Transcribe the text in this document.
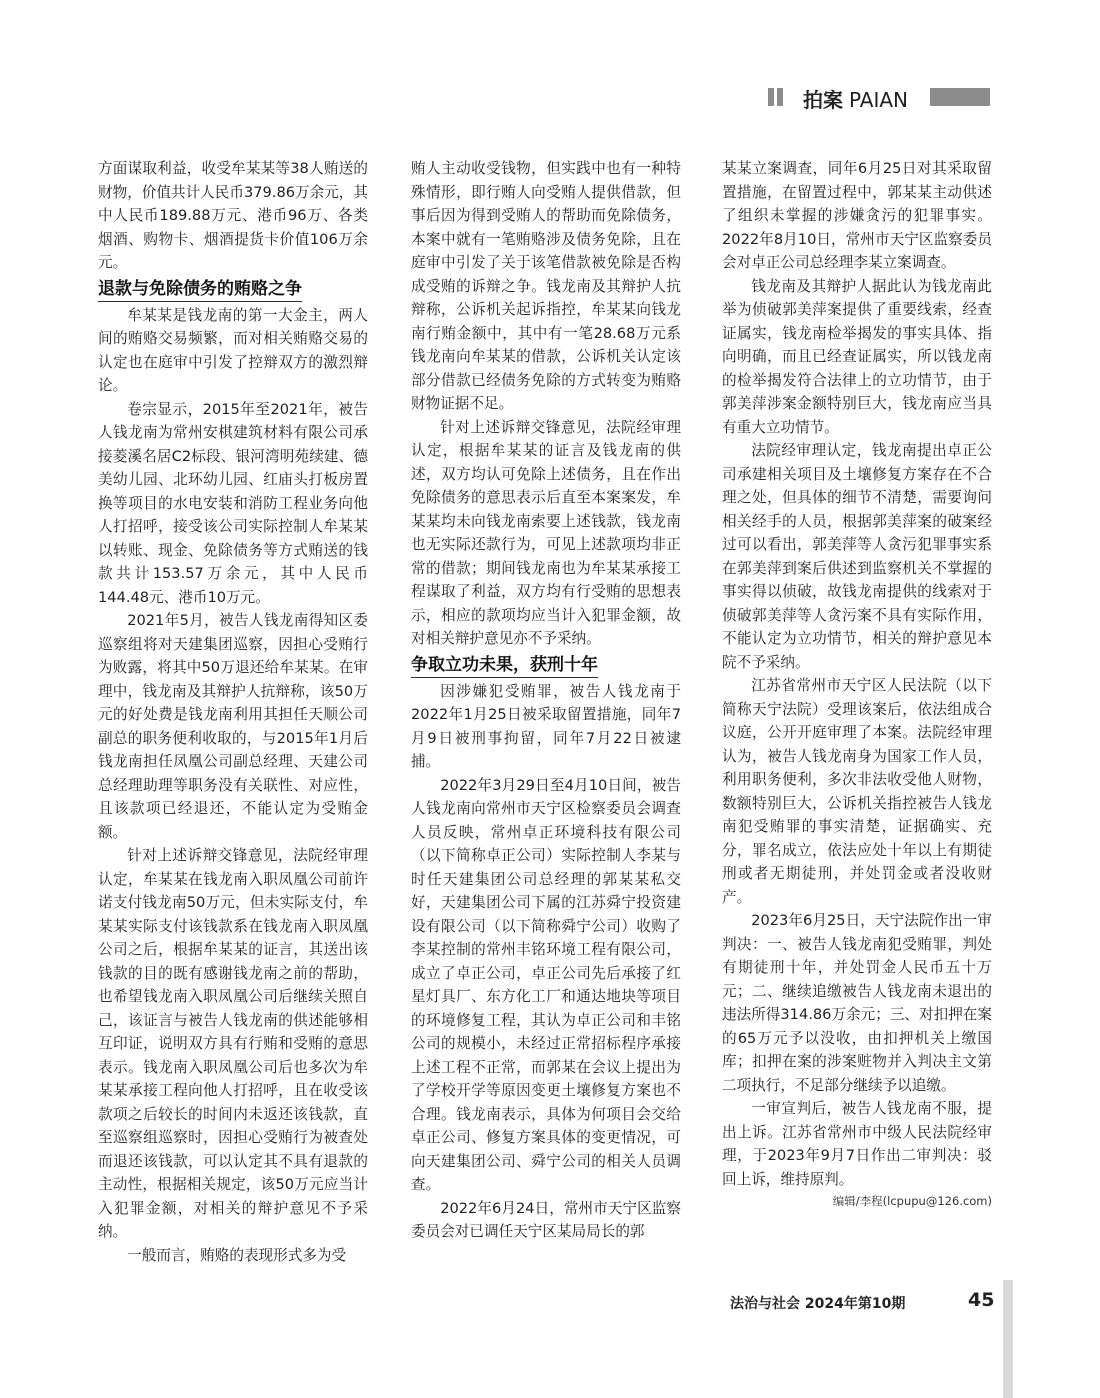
拍案 PAIAN

方面谋取利益，收受牟某某等38人贿送的财物，价值共计人民币379.86万余元，其中人民币189.88万元、港币96万、各类烟酒、购物卡、烟酒提货卡价值106万余元。

退款与免除债务的贿赂之争

牟某某是钱龙南的第一大金主，两人间的贿赂交易频繁，而对相关贿赂交易的认定也在庭审中引发了控辩双方的激烈辩论。

卷宗显示，2015年至2021年，被告人钱龙南为常州安棋建筑材料有限公司承接菱溪名居C2标段、银河湾明苑续建、德美幼儿园、北环幼儿园、红庙头打板房置换等项目的水电安装和消防工程业务向他人打招呼，接受该公司实际控制人牟某某以转账、现金、免除债务等方式贿送的钱款共计153.57万余元，其中人民币144.48元、港币10万元。

2021年5月，被告人钱龙南得知区委巡察组将对天建集团巡察，因担心受贿行为败露，将其中50万退还给牟某某。在审理中，钱龙南及其辩护人抗辩称，该50万元的好处费是钱龙南利用其担任天顺公司副总的职务便利收取的，与2015年1月后钱龙南担任凤凰公司副总经理、天建公司总经理助理等职务没有关联性、对应性，且该款项已经退还，不能认定为受贿金额。

针对上述诉辩交锋意见，法院经审理认定，牟某某在钱龙南入职凤凰公司前许诺支付钱龙南50万元，但未实际支付，牟某某实际支付该钱款系在钱龙南入职凤凰公司之后，根据牟某某的证言，其送出该钱款的目的既有感谢钱龙南之前的帮助，也希望钱龙南入职凤凰公司后继续关照自己，该证言与被告人钱龙南的供述能够相互印证，说明双方具有行贿和受贿的意思表示。钱龙南入职凤凰公司后也多次为牟某某承接工程向他人打招呼，且在收受该款项之后较长的时间内未返还该钱款，直至巡察组巡察时，因担心受贿行为被查处而退还该钱款，可以认定其不具有退款的主动性，根据相关规定，该50万元应当计入犯罪金额，对相关的辩护意见不予采纳。

一般而言，贿赂的表现形式多为受

贿人主动收受钱物，但实践中也有一种特殊情形，即行贿人向受贿人提供借款，但事后因为得到受贿人的帮助而免除债务，本案中就有一笔贿赂涉及债务免除，且在庭审中引发了关于该笔借款被免除是否构成受贿的诉辩之争。钱龙南及其辩护人抗辩称，公诉机关起诉指控，牟某某向钱龙南行贿金额中，其中有一笔28.68万元系钱龙南向牟某某的借款，公诉机关认定该部分借款已经债务免除的方式转变为贿赂财物证据不足。

针对上述诉辩交锋意见，法院经审理认定，根据牟某某的证言及钱龙南的供述，双方均认可免除上述债务，且在作出免除债务的意思表示后直至本案案发，牟某某均未向钱龙南索要上述钱款，钱龙南也无实际还款行为，可见上述款项均非正常的借款；期间钱龙南也为牟某某承接工程谋取了利益，双方均有行受贿的思想表示，相应的款项均应当计入犯罪金额，故对相关辩护意见亦不予采纳。

争取立功未果，获刑十年

因涉嫌犯受贿罪，被告人钱龙南于2022年1月25日被采取留置措施，同年7月9日被刑事拘留，同年7月22日被逮捕。

2022年3月29日至4月10日间，被告人钱龙南向常州市天宁区检察委员会调查人员反映，常州卓正环境科技有限公司（以下简称卓正公司）实际控制人李某与时任天建集团公司总经理的郭某某私交好，天建集团公司下属的江苏舜宁投资建设有限公司（以下简称舜宁公司）收购了李某控制的常州丰铭环境工程有限公司，成立了卓正公司，卓正公司先后承接了红星灯具厂、东方化工厂和通达地块等项目的环境修复工程，其认为卓正公司和丰铭公司的规模小，未经过正常招标程序承接上述工程不正常，而郭某在会议上提出为了学校开学等原因变更土壤修复方案也不合理。钱龙南表示，具体为何项目会交给卓正公司、修复方案具体的变更情况，可向天建集团公司、舜宁公司的相关人员调查。

2022年6月24日，常州市天宁区监察委员会对已调任天宁区某局局长的郭

某某立案调查，同年6月25日对其采取留置措施，在留置过程中，郭某某主动供述了组织未掌握的涉嫌贪污的犯罪事实。2022年8月10日，常州市天宁区监察委员会对卓正公司总经理李某立案调查。

钱龙南及其辩护人据此认为钱龙南此举为侦破郭美萍案提供了重要线索，经查证属实，钱龙南检举揭发的事实具体、指向明确，而且已经查证属实，所以钱龙南的检举揭发符合法律上的立功情节，由于郭美萍涉案金额特别巨大，钱龙南应当具有重大立功情节。

法院经审理认定，钱龙南提出卓正公司承建相关项目及土壤修复方案存在不合理之处，但具体的细节不清楚，需要询问相关经手的人员，根据郭美萍案的破案经过可以看出，郭美萍等人贪污犯罪事实系在郭美萍到案后供述到监察机关不掌握的事实得以侦破，故钱龙南提供的线索对于侦破郭美萍等人贪污案不具有实际作用，不能认定为立功情节，相关的辩护意见本院不予采纳。

江苏省常州市天宁区人民法院（以下简称天宁法院）受理该案后，依法组成合议庭，公开开庭审理了本案。法院经审理认为，被告人钱龙南身为国家工作人员，利用职务便利，多次非法收受他人财物，数额特别巨大，公诉机关指控被告人钱龙南犯受贿罪的事实清楚，证据确实、充分，罪名成立，依法应处十年以上有期徒刑或者无期徒刑，并处罚金或者没收财产。

2023年6月25日，天宁法院作出一审判决：一、被告人钱龙南犯受贿罪，判处有期徒刑十年，并处罚金人民币五十万元；二、继续追缴被告人钱龙南未退出的违法所得314.86万余元；三、对扣押在案的65万元予以没收，由扣押机关上缴国库；扣押在案的涉案赃物并入判决主文第二项执行，不足部分继续予以追缴。

一审宣判后，被告人钱龙南不服，提出上诉。江苏省常州市中级人民法院经审理，于2023年9月7日作出二审判决：驳回上诉，维持原判。

编辑/李程(lcpupu@126.com)
法治与社会 2024年第10期	45
